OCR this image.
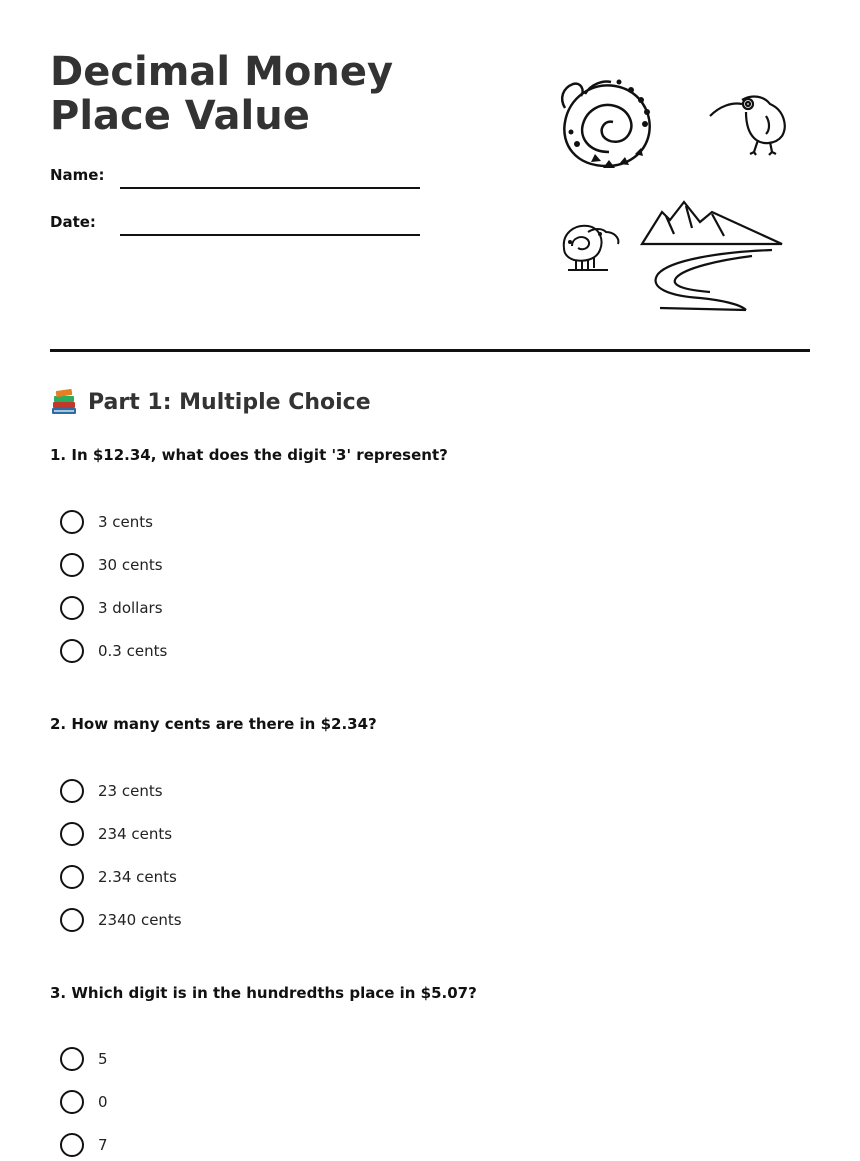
Decimal Money Place Value
Name:
Date:
Part 1: Multiple Choice
1. In $12.34, what does the digit '3' represent?
3 cents
30 cents
3 dollars
0.3 cents
2. How many cents are there in $2.34?
23 cents
234 cents
2.34 cents
2340 cents
3. Which digit is in the hundredths place in $5.07?
5
0
7
